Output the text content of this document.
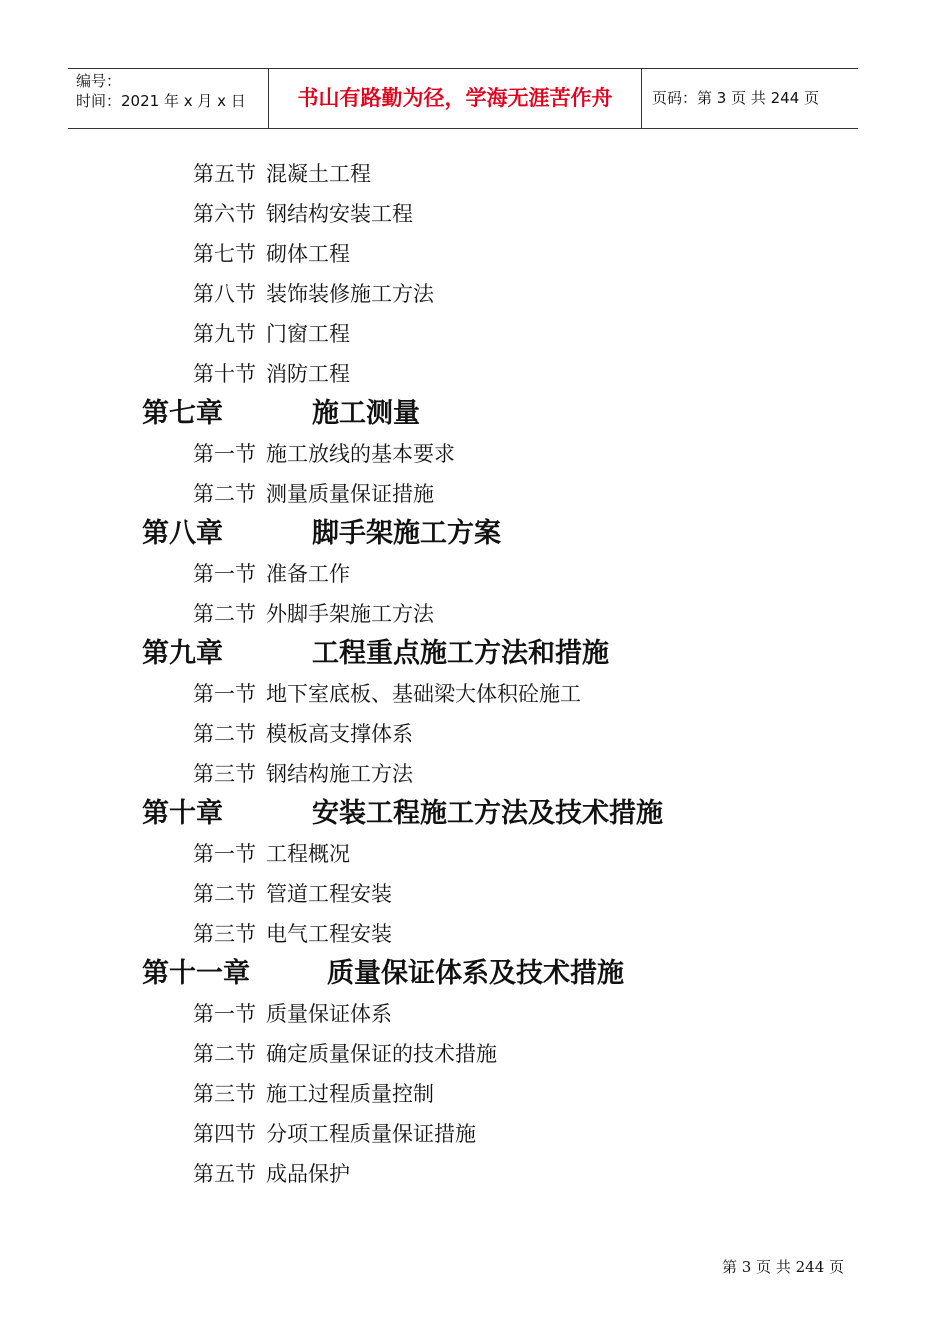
编号：
时间：2021 年 x 月 x 日	书山有路勤为径，学海无涯苦作舟	页码：第 3 页 共 244 页
第五节 混凝土工程
第六节 钢结构安装工程
第七节 砌体工程
第八节 装饰装修施工方法
第九节 门窗工程
第十节 消防工程
第七章	施工测量
第一节 施工放线的基本要求
第二节 测量质量保证措施
第八章	脚手架施工方案
第一节 准备工作
第二节 外脚手架施工方法
第九章	工程重点施工方法和措施
第一节 地下室底板、基础梁大体积砼施工
第二节 模板高支撑体系
第三节 钢结构施工方法
第十章	安装工程施工方法及技术措施
第一节 工程概况
第二节 管道工程安装
第三节 电气工程安装
第十一章	质量保证体系及技术措施
第一节 质量保证体系
第二节 确定质量保证的技术措施
第三节 施工过程质量控制
第四节 分项工程质量保证措施
第五节 成品保护
第 3 页 共 244 页
